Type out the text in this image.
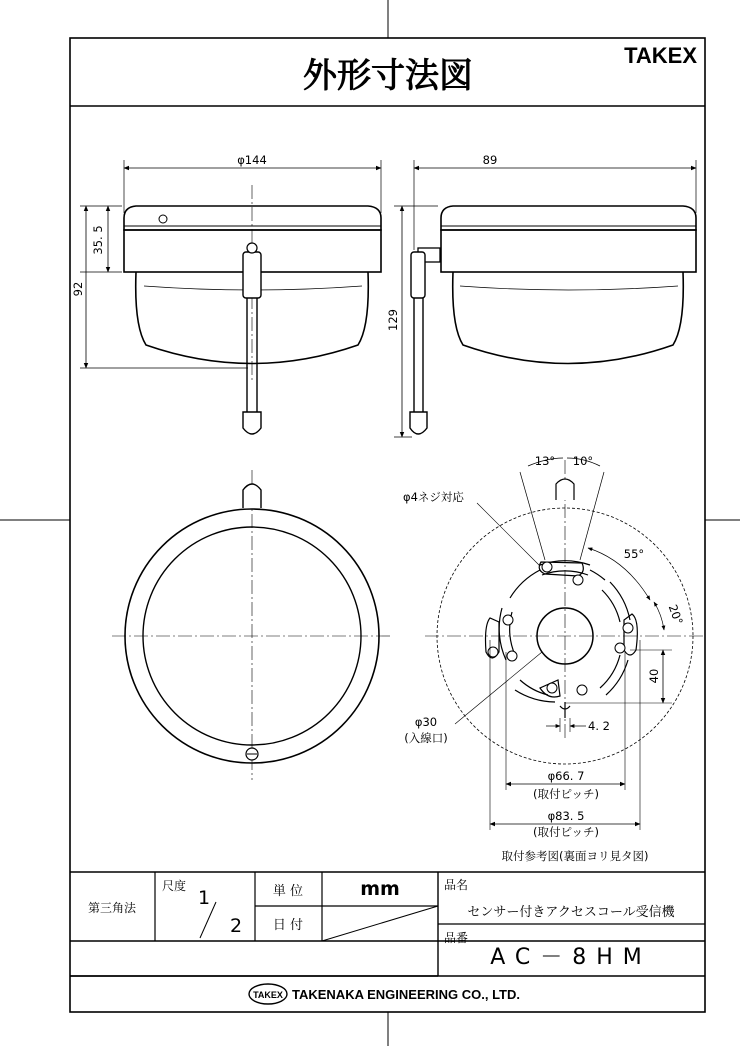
外形寸法図
TAKEX
φ144
35. 5
92
89
129
13° 10°
55°
20°
φ4ネジ対応
40
4. 2
φ30
(入線口)
φ66. 7
(取付ピッチ)
φ83. 5
(取付ピッチ)
取付参考図(裏面ヨリ見タ図)
第三角法
尺度
1
2
単 位	mm
日 付
品名
センサー付きアクセスコール受信機
品番
AC－8HM
TAKEX TAKENAKA ENGINEERING CO., LTD.
